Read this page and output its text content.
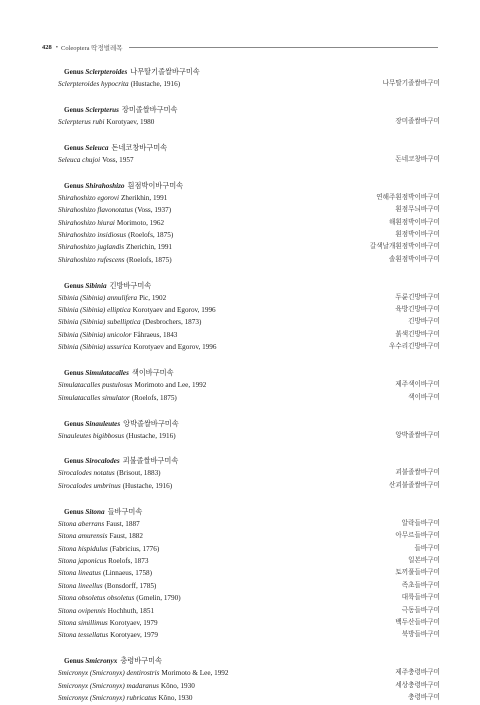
428 • Coleoptera 딱정벌레목
Genus Sclerpteroides 나무딸기졸쌀바구미속
Sclerpteroides hypocrita (Hustache, 1916)	나무딸기졸쌀바구미
Genus Sclerpterus 장미졸쌀바구미속
Sclerpterus rubi Korotyaev, 1980	장미졸쌀바구미
Genus Seleuca 돈네코창바구미속
Seleuca chujoi Voss, 1957	돈네코창바구미
Genus Shirahoshizo 흰점박이바구미속
Shirahoshizo egorovi Zherikhin, 1991	연해주흰점박이바구미
Shirahoshizo flavonotatus (Voss, 1937)	흰점무늬바구미
Shirahoshizo hiurai Morimoto, 1962	해흰점박이바구미
Shirahoshizo insidiosus (Roelofs, 1875)	흰점박이바구미
Shirahoshizo juglandis Zherichin, 1991	갈색날개흰점박이바구미
Shirahoshizo rufescens (Roelofs, 1875)	솔흰점박이바구미
Genus Sibinia 긴방바구미속
Sibinia (Sibinia) annulifera Pic, 1902	두륜긴방바구미
Sibinia (Sibinia) elliptica Korotyaev and Egorov, 1996	육방긴방바구미
Sibinia (Sibinia) subelliptica (Desbrochers, 1873)	긴방바구미
Sibinia (Sibinia) unicolor Fåhraeus, 1843	붉색긴방바구미
Sibinia (Sibinia) ussurica Korotyaev and Egorov, 1996	우수리긴방바구미
Genus Simulatacalles 색이바구미속
Simulatacalles pustulosus Morimoto and Lee, 1992	제주색이바구미
Simulatacalles simulator (Roelofs, 1875)	색이바구미
Genus Sinauleutes 앙박졸쌀바구미속
Sinauleutes bigibbosus (Hustache, 1916)	앙박졸쌀바구미
Genus Sirocalodes 괴불졸쌀바구미속
Sirocalodes notatus (Brisout, 1883)	괴불졸쌀바구미
Sirocalodes umbrinus (Hustache, 1916)	산괴불졸쌀바구미
Genus Sitona 들바구미속
Sitona aberrans Faust, 1887	알락들바구미
Sitona amurensis Faust, 1882	아무르들바구미
Sitona hispidulus (Fabricius, 1776)	들바구미
Sitona japonicus Roelofs, 1873	일본바구미
Sitona lineatus (Linnaeus, 1758)	토끼풀들바구미
Sitona lineellus (Bonsdorff, 1785)	족초들바구미
Sitona obsoletus obsoletus (Gmelin, 1790)	대륙들바구미
Sitona ovipennis Hochhuth, 1851	극동들바구미
Sitona simillimus Korotyaev, 1979	백두산들바구미
Sitona tessellatus Korotyaev, 1979	북방들바구미
Genus Smicronyx 충령바구미속
Smicronyx (Smicronyx) dentirostris Morimoto & Lee, 1992	제주충령바구미
Smicronyx (Smicronyx) madaranus Kôno, 1930	세상충령바구미
Smicronyx (Smicronyx) rubricatus Kôno, 1930	충령바구미
